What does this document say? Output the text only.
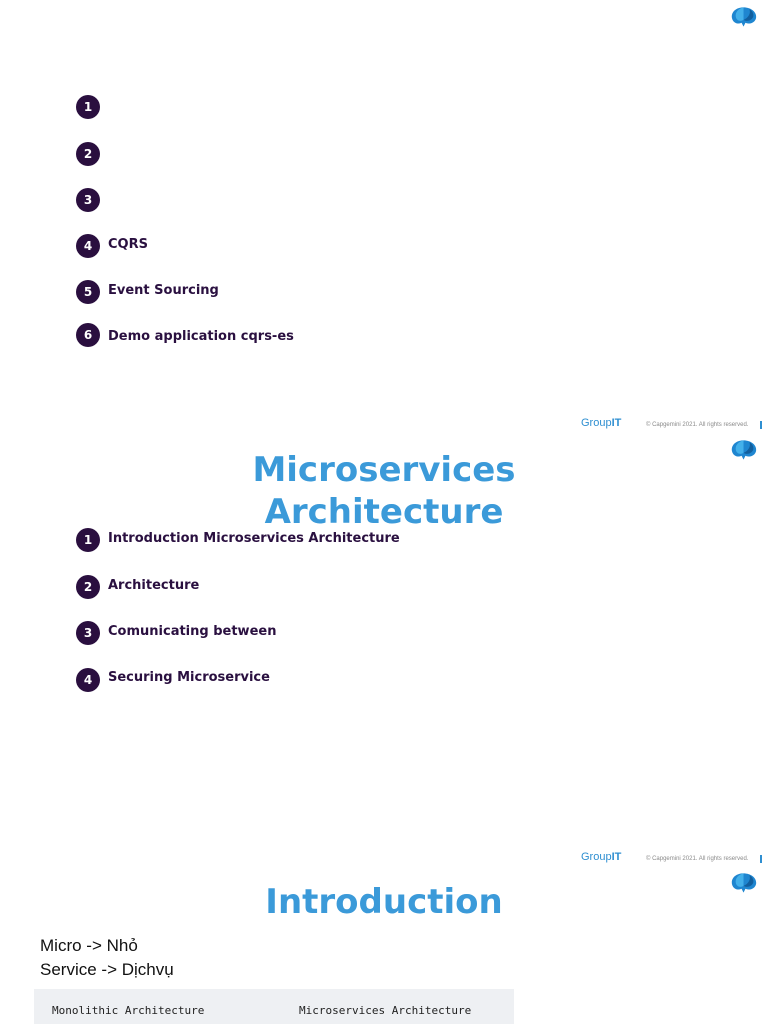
1
2
3
4	CQRS
5	Event Sourcing
6	Demo application cqrs-es
GroupIT	© Capgemini 2021. All rights reserved.
Microservices
Architecture
1	Introduction Microservices Architecture
2	Architecture
3	Comunicating between
4	Securing Microservice
GroupIT	© Capgemini 2021. All rights reserved.
Introduction
Micro -> Nhỏ
Service -> Dịchvụ
Monolithic Architecture	Microservices Architecture
